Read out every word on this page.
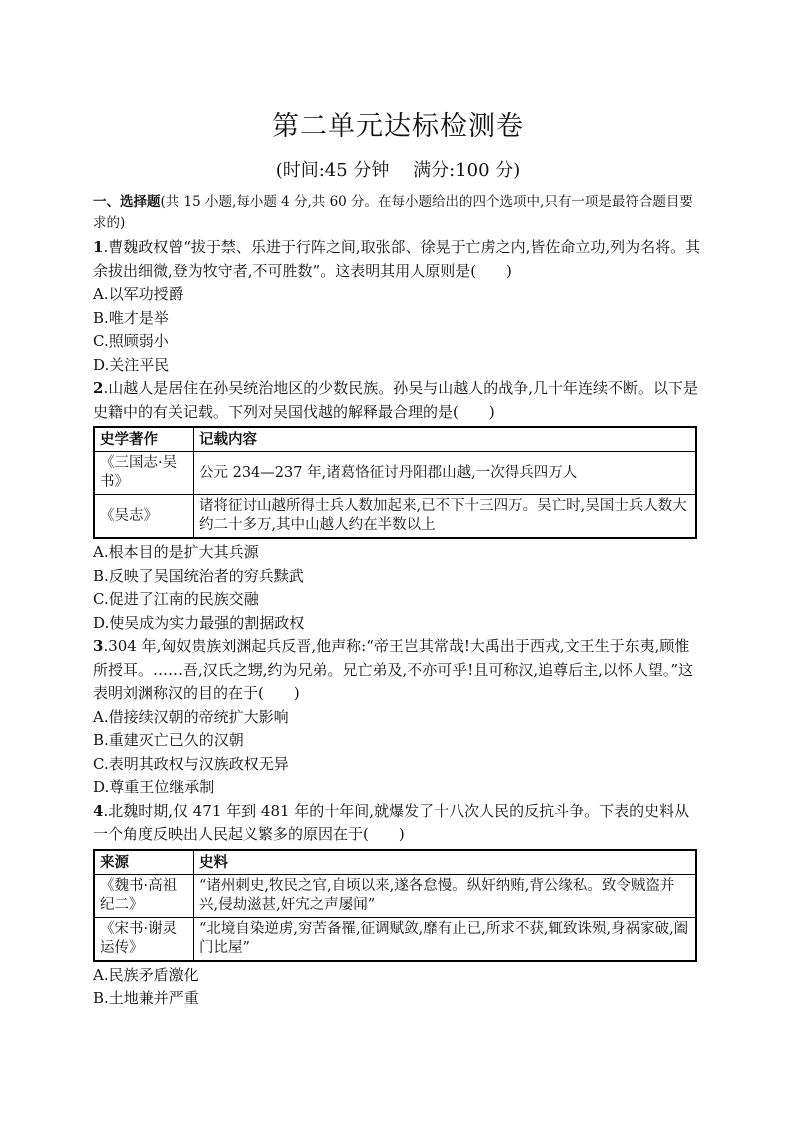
第二单元达标检测卷
(时间:45 分钟　 满分:100 分)
一、选择题(共 15 小题,每小题 4 分,共 60 分。在每小题给出的四个选项中,只有一项是最符合题目要求的)
1.曹魏政权曾“拔于禁、乐进于行阵之间,取张郃、徐晃于亡虏之内,皆佐命立功,列为名将。其余拔出细微,登为牧守者,不可胜数”。这表明其用人原则是(　　)
A.以军功授爵
B.唯才是举
C.照顾弱小
D.关注平民
2.山越人是居住在孙吴统治地区的少数民族。孙吴与山越人的战争,几十年连续不断。以下是史籍中的有关记载。下列对吴国伐越的解释最合理的是(　　)
史学著作	记载内容
《三国志·吴书》	公元 234—237 年,诸葛恪征讨丹阳郡山越,一次得兵四万人
《吴志》	诸将征讨山越所得士兵人数加起来,已不下十三四万。吴亡时,吴国士兵人数大约二十多万,其中山越人约在半数以上
A.根本目的是扩大其兵源
B.反映了吴国统治者的穷兵黩武
C.促进了江南的民族交融
D.使吴成为实力最强的割据政权
3.304 年,匈奴贵族刘渊起兵反晋,他声称:“帝王岂其常哉!大禹出于西戎,文王生于东夷,顾惟所授耳。……吾,汉氏之甥,约为兄弟。兄亡弟及,不亦可乎!且可称汉,追尊后主,以怀人望。”这表明刘渊称汉的目的在于(　　)
A.借接续汉朝的帝统扩大影响
B.重建灭亡已久的汉朝
C.表明其政权与汉族政权无异
D.尊重王位继承制
4.北魏时期,仅 471 年到 481 年的十年间,就爆发了十八次人民的反抗斗争。下表的史料从一个角度反映出人民起义繁多的原因在于(　　)
来源	史料
《魏书·高祖纪二》	“诸州刺史,牧民之官,自顷以来,遂各怠慢。纵奸纳贿,背公缘私。致令贼盗并兴,侵劫滋甚,奸宄之声屡闻”
《宋书·谢灵运传》	“北境自染逆虏,穷苦备罹,征调赋敛,靡有止已,所求不获,辄致诛殒,身祸家破,阖门比屋”
A.民族矛盾激化
B.土地兼并严重
